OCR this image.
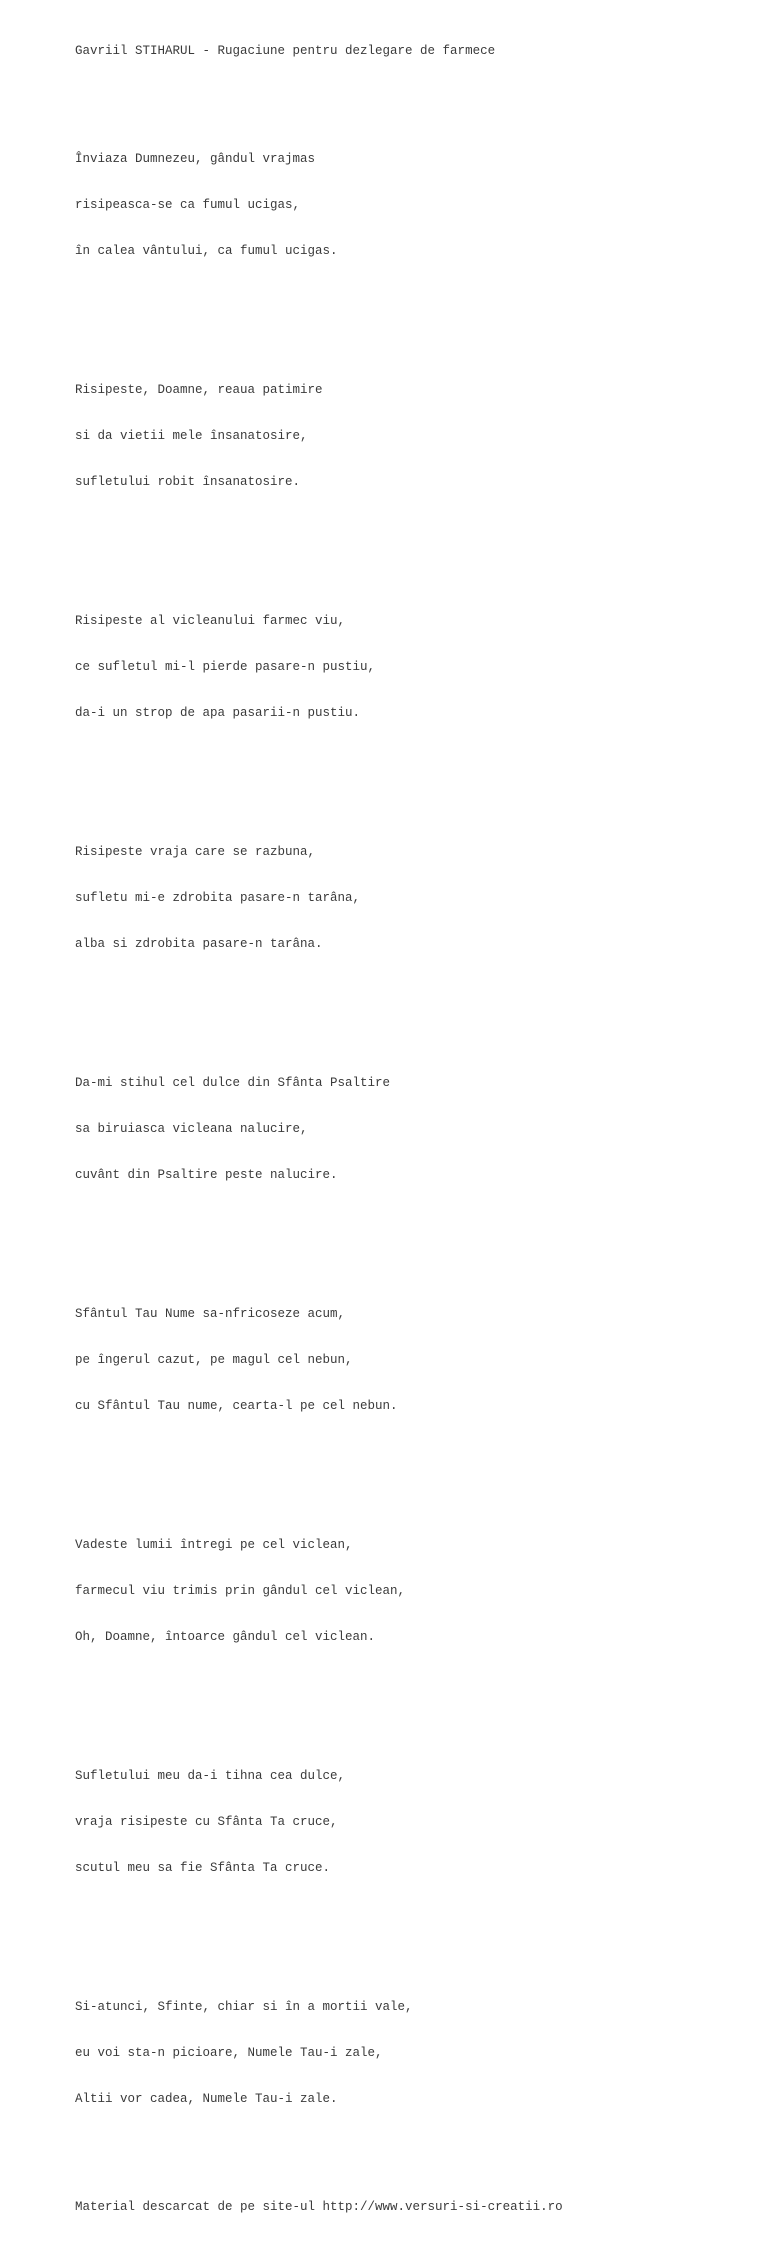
Gavriil STIHARUL - Rugaciune pentru dezlegare de farmece

Înviaza Dumnezeu, gândul vrajmas

risipeasca-se ca fumul ucigas,

în calea vântului, ca fumul ucigas.

Risipeste, Doamne, reaua patimire

si da vietii mele însanatosire,

sufletului robit însanatosire.

Risipeste al vicleanului farmec viu,

ce sufletul mi-l pierde pasare-n pustiu,

da-i un strop de apa pasarii-n pustiu.

Risipeste vraja care se razbuna,

sufletu mi-e zdrobita pasare-n tarâna,

alba si zdrobita pasare-n tarâna.

Da-mi stihul cel dulce din Sfânta Psaltire

sa biruiasca vicleana nalucire,

cuvânt din Psaltire peste nalucire.

Sfântul Tau Nume sa-nfricoseze acum,

pe îngerul cazut, pe magul cel nebun,

cu Sfântul Tau nume, cearta-l pe cel nebun.

Vadeste lumii întregi pe cel viclean,

farmecul viu trimis prin gândul cel viclean,

Oh, Doamne, întoarce gândul cel viclean.

Sufletului meu da-i tihna cea dulce,

vraja risipeste cu Sfânta Ta cruce,

scutul meu sa fie Sfânta Ta cruce.

Si-atunci, Sfinte, chiar si în a mortii vale,

eu voi sta-n picioare, Numele Tau-i zale,

Altii vor cadea, Numele Tau-i zale.

Material descarcat de pe site-ul http://www.versuri-si-creatii.ro
